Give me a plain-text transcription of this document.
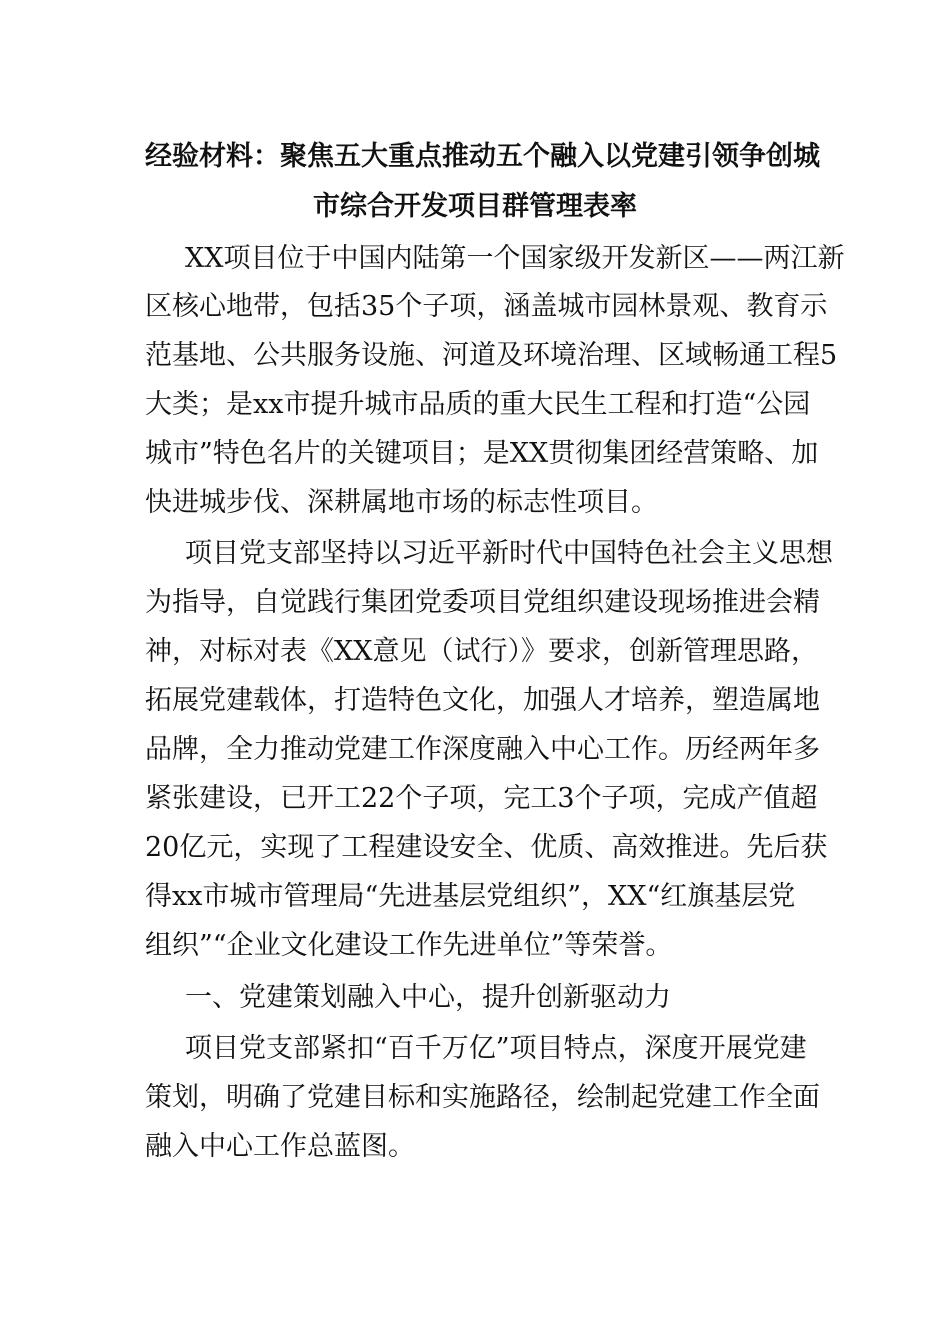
经验材料：聚焦五大重点推动五个融入以党建引领争创城
市综合开发项目群管理表率

XX项目位于中国内陆第一个国家级开发新区——两江新

区核心地带，包括35个子项，涵盖城市园林景观、教育示

范基地、公共服务设施、河道及环境治理、区域畅通工程5

大类；是xx市提升城市品质的重大民生工程和打造“公园

城市”特色名片的关键项目；是XX贯彻集团经营策略、加

快进城步伐、深耕属地市场的标志性项目。

项目党支部坚持以习近平新时代中国特色社会主义思想

为指导，自觉践行集团党委项目党组织建设现场推进会精

神，对标对表《XX意见（试行）》要求，创新管理思路，

拓展党建载体，打造特色文化，加强人才培养，塑造属地

品牌，全力推动党建工作深度融入中心工作。历经两年多

紧张建设，已开工22个子项，完工3个子项，完成产值超

20亿元，实现了工程建设安全、优质、高效推进。先后获

得xx市城市管理局“先进基层党组织”，XX“红旗基层党

组织”“企业文化建设工作先进单位”等荣誉。

一、党建策划融入中心，提升创新驱动力

项目党支部紧扣“百千万亿”项目特点，深度开展党建

策划，明确了党建目标和实施路径，绘制起党建工作全面

融入中心工作总蓝图。
